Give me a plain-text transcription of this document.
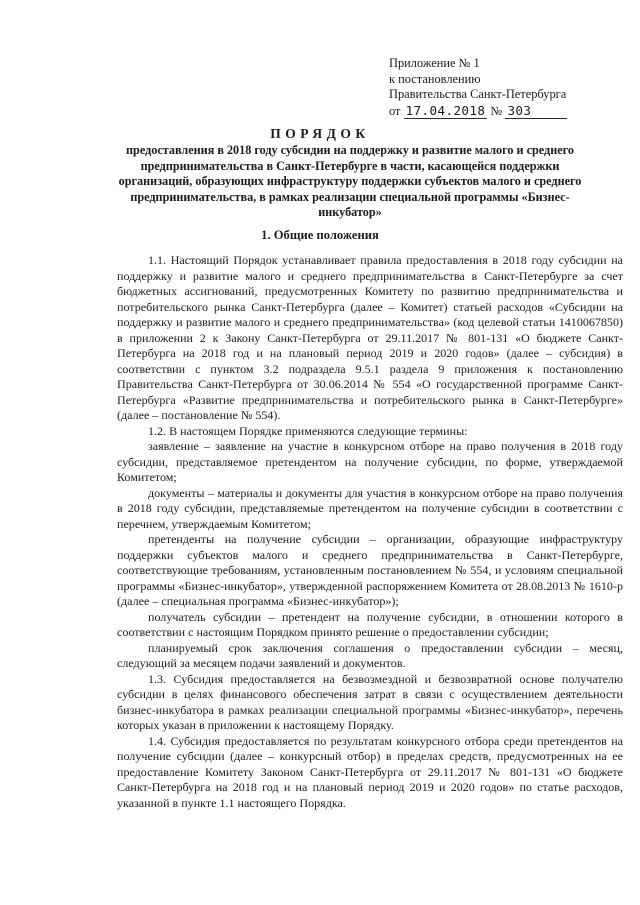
Приложение № 1
к постановлению
Правительства Санкт-Петербурга
от 17.04.2018 № 303
ПОРЯДОК
предоставления в 2018 году субсидии на поддержку и развитие малого и среднего предпринимательства в Санкт-Петербурге в части, касающейся поддержки организаций, образующих инфраструктуру поддержки субъектов малого и среднего предпринимательства, в рамках реализации специальной программы «Бизнес-инкубатор»
1. Общие положения

1.1. Настоящий Порядок устанавливает правила предоставления в 2018 году субсидии на поддержку и развитие малого и среднего предпринимательства в Санкт-Петербурге за счет бюджетных ассигнований, предусмотренных Комитету по развитию предпринимательства и потребительского рынка Санкт-Петербурга (далее – Комитет) статьей расходов «Субсидии на поддержку и развитие малого и среднего предпринимательства» (код целевой статьи 1410067850) в приложении 2 к Закону Санкт-Петербурга от 29.11.2017 № 801-131 «О бюджете Санкт-Петербурга на 2018 год и на плановый период 2019 и 2020 годов» (далее – субсидия) в соответствии с пунктом 3.2 подраздела 9.5.1 раздела 9 приложения к постановлению Правительства Санкт-Петербурга от 30.06.2014 № 554 «О государственной программе Санкт-Петербурга «Развитие предпринимательства и потребительского рынка в Санкт-Петербурге» (далее – постановление № 554).

1.2. В настоящем Порядке применяются следующие термины:

заявление – заявление на участие в конкурсном отборе на право получения в 2018 году субсидии, представляемое претендентом на получение субсидии, по форме, утверждаемой Комитетом;

документы – материалы и документы для участия в конкурсном отборе на право получения в 2018 году субсидии, представляемые претендентом на получение субсидии в соответствии с перечнем, утверждаемым Комитетом;

претенденты на получение субсидии – организации, образующие инфраструктуру поддержки субъектов малого и среднего предпринимательства в Санкт-Петербурге, соответствующие требованиям, установленным постановлением № 554, и условиям специальной программы «Бизнес-инкубатор», утвержденной распоряжением Комитета от 28.08.2013 № 1610-р (далее – специальная программа «Бизнес-инкубатор»);

получатель субсидии – претендент на получение субсидии, в отношении которого в соответствии с настоящим Порядком принято решение о предоставлении субсидии;

планируемый срок заключения соглашения о предоставлении субсидии – месяц, следующий за месяцем подачи заявлений и документов.

1.3. Субсидия предоставляется на безвозмездной и безвозвратной основе получателю субсидии в целях финансового обеспечения затрат в связи с осуществлением деятельности бизнес-инкубатора в рамках реализации специальной программы «Бизнес-инкубатор», перечень которых указан в приложении к настоящему Порядку.

1.4. Субсидия предоставляется по результатам конкурсного отбора среди претендентов на получение субсидии (далее – конкурсный отбор) в пределах средств, предусмотренных на ее предоставление Комитету Законом Санкт-Петербурга от 29.11.2017 № 801-131 «О бюджете Санкт-Петербурга на 2018 год и на плановый период 2019 и 2020 годов» по статье расходов, указанной в пункте 1.1 настоящего Порядка.
